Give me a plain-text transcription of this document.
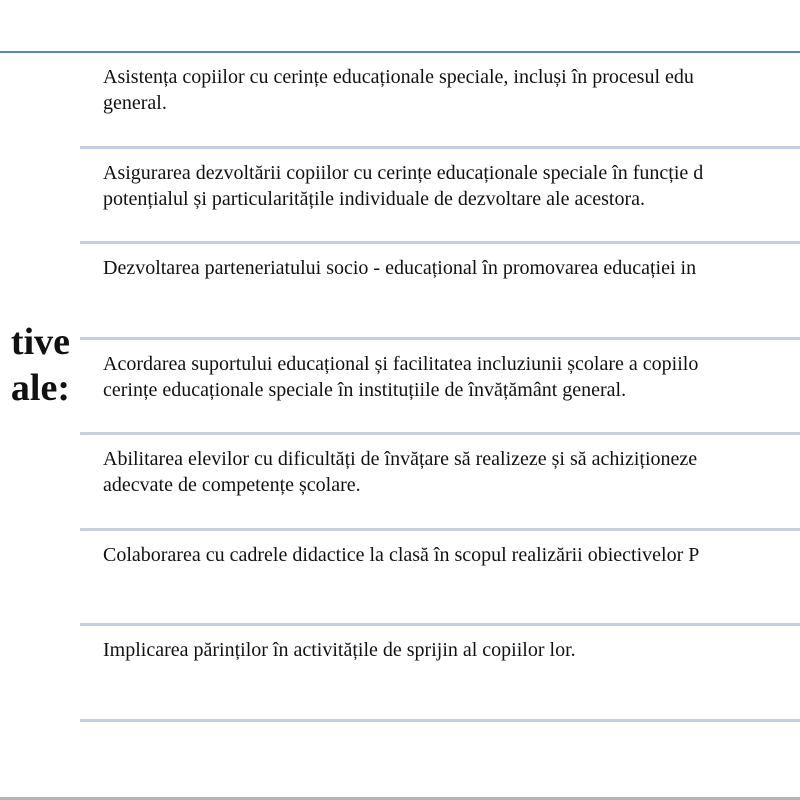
tive
ale:
Asistența copiilor cu cerințe educaționale speciale, incluși în procesul edu
general.
Asigurarea dezvoltării copiilor cu cerințe educaționale speciale în funcție d
potențialul și particularitățile individuale de dezvoltare ale acestora.
Dezvoltarea parteneriatului socio - educațional în promovarea educației in
Acordarea suportului educațional și facilitatea incluziunii școlare a copiilo
cerințe educaționale speciale în instituțiile de învățământ general.
Abilitarea elevilor cu dificultăți de învățare să realizeze și să achiziționeze
adecvate de competențe școlare.
Colaborarea cu cadrele didactice la clasă în scopul realizării obiectivelor P
Implicarea părinților în activitățile de sprijin al copiilor lor.
